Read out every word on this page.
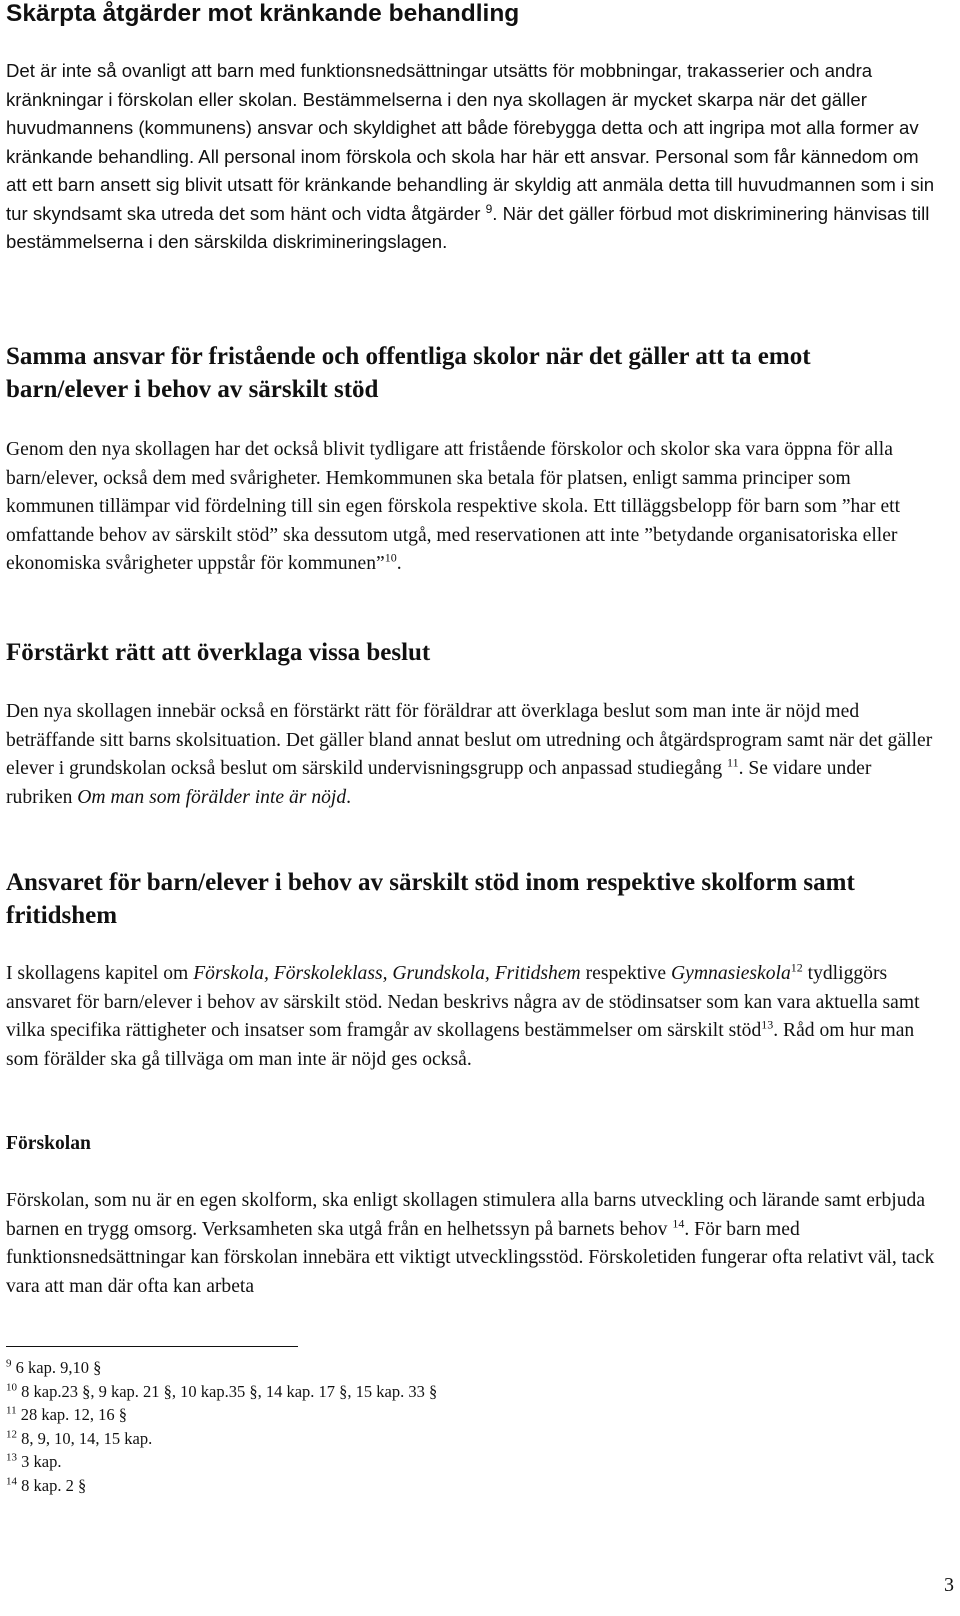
Skärpta åtgärder mot kränkande behandling

Det är inte så ovanligt att barn med funktionsnedsättningar utsätts för mobbningar, trakasserier och andra kränkningar i förskolan eller skolan. Bestämmelserna i den nya skollagen är mycket skarpa när det gäller huvudmannens (kommunens) ansvar och skyldighet att både förebygga detta och att ingripa mot alla former av kränkande behandling. All personal inom förskola och skola har här ett ansvar. Personal som får kännedom om att ett barn ansett sig blivit utsatt för kränkande behandling är skyldig att anmäla detta till huvudmannen som i sin tur skyndsamt ska utreda det som hänt och vidta åtgärder $^9$. När det gäller förbud mot diskriminering hänvisas till bestämmelserna i den särskilda diskrimineringslagen.

Samma ansvar för fristående och offentliga skolor när det gäller att ta emot barn/elever i behov av särskilt stöd

Genom den nya skollagen har det också blivit tydligare att fristående förskolor och skolor ska vara öppna för alla barn/elever, också dem med svårigheter. Hemkommunen ska betala för platsen, enligt samma principer som kommunen tillämpar vid fördelning till sin egen förskola respektive skola. Ett tilläggsbelopp för barn som ”har ett omfattande behov av särskilt stöd” ska dessutom utgå, med reservationen att inte ”betydande organisatoriska eller ekonomiska svårigheter uppstår för kommunen”$^{10}$.

Förstärkt rätt att överklaga vissa beslut

Den nya skollagen innebär också en förstärkt rätt för föräldrar att överklaga beslut som man inte är nöjd med beträffande sitt barns skolsituation. Det gäller bland annat beslut om utredning och åtgärdsprogram samt när det gäller elever i grundskolan också beslut om särskild undervisningsgrupp och anpassad studiegång $^{11}$. Se vidare under rubriken Om man som förälder inte är nöjd.

Ansvaret för barn/elever i behov av särskilt stöd inom respektive skolform samt fritidshem

I skollagens kapitel om Förskola, Förskoleklass, Grundskola, Fritidshem respektive Gymnasieskola$^{12}$ tydliggörs ansvaret för barn/elever i behov av särskilt stöd. Nedan beskrivs några av de stödinsatser som kan vara aktuella samt vilka specifika rättigheter och insatser som framgår av skollagens bestämmelser om särskilt stöd$^{13}$. Råd om hur man som förälder ska gå tillväga om man inte är nöjd ges också.

Förskolan

Förskolan, som nu är en egen skolform, ska enligt skollagen stimulera alla barns utveckling och lärande samt erbjuda barnen en trygg omsorg. Verksamheten ska utgå från en helhetssyn på barnets behov $^{14}$. För barn med funktionsnedsättningar kan förskolan innebära ett viktigt utvecklingsstöd. Förskoletiden fungerar ofta relativt väl, tack vara att man där ofta kan arbeta

$^9$ 6 kap. 9,10 §
$^{10}$ 8 kap.23 §, 9 kap. 21 §, 10 kap.35 §, 14 kap. 17 §, 15 kap. 33 §
$^{11}$ 28 kap. 12, 16 §
$^{12}$ 8, 9, 10, 14, 15 kap.
$^{13}$ 3 kap.
$^{14}$ 8 kap. 2 §
3
